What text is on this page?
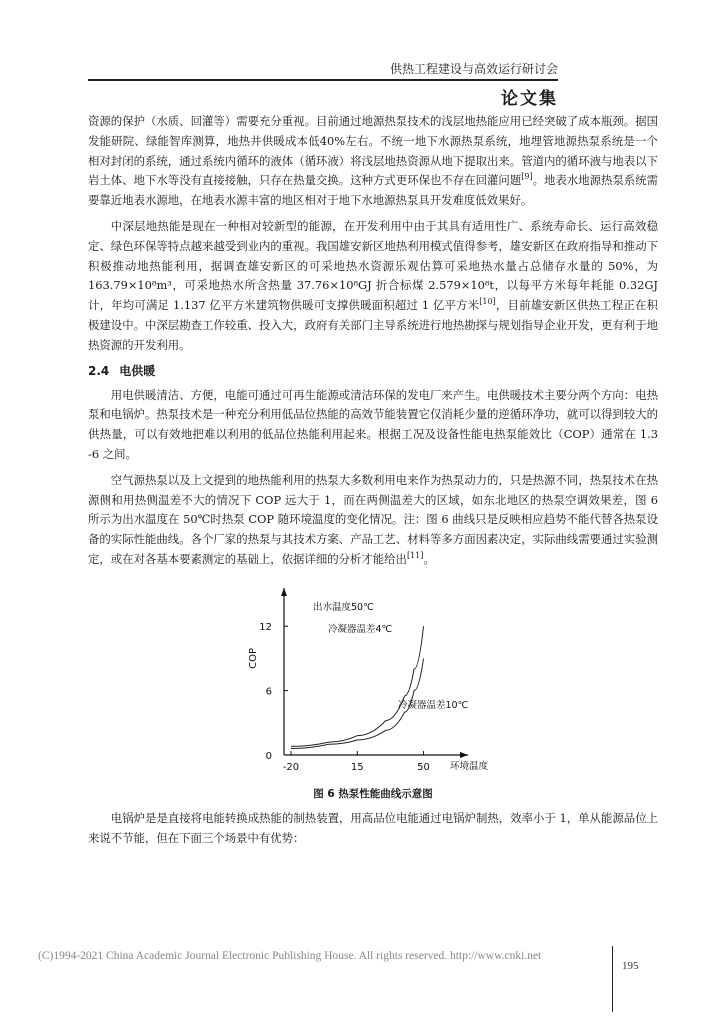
供热工程建设与高效运行研讨会
论文集

资源的保护（水质、回灌等）需要充分重视。目前通过地源热泵技术的浅层地热能应用已经突破了成本瓶颈。据国发能研院、绿能智库测算，地热井供暖成本低40%左右。不统一地下水源热泵系统，地埋管地源热泵系统是一个相对封闭的系统，通过系统内循环的液体（循环液）将浅层地热资源从地下提取出来。管道内的循环液与地表以下岩土体、地下水等没有直接接触，只存在热量交换。这种方式更环保也不存在回灌问题[9]。地表水地源热泵系统需要靠近地表水源地，在地表水源丰富的地区相对于地下水地源热泵具开发难度低效果好。

中深层地热能是现在一种相对较新型的能源，在开发利用中由于其具有适用性广、系统寿命长、运行高效稳定、绿色环保等特点越来越受到业内的重视。我国雄安新区地热利用模式值得参考，雄安新区在政府指导和推动下积极推动地热能利用，据调查雄安新区的可采地热水资源乐观估算可采地热水量占总储存水量的 50%，为 163.79×10⁸m³，可采地热水所含热量 37.76×10⁸GJ 折合标煤 2.579×10⁸t，以每平方米每年耗能 0.32GJ 计，年均可满足 1.137 亿平方米建筑物供暖可支撑供暖面积超过 1 亿平方米[10]，目前雄安新区供热工程正在积极建设中。中深层勘查工作较重、投入大，政府有关部门主导系统进行地热勘探与规划指导企业开发，更有利于地热资源的开发利用。

2.4 电供暖

用电供暖清洁、方便，电能可通过可再生能源或清洁环保的发电厂来产生。电供暖技术主要分两个方向：电热泵和电锅炉。热泵技术是一种充分利用低品位热能的高效节能装置它仅消耗少量的逆循环净功，就可以得到较大的供热量，可以有效地把难以利用的低品位热能利用起来。根据工况及设备性能电热泵能效比（COP）通常在 1.3 -6 之间。

空气源热泵以及上文提到的地热能利用的热泵大多数利用电来作为热泵动力的，只是热源不同，热泵技术在热源侧和用热侧温差不大的情况下 COP 远大于 1，而在两侧温差大的区域，如东北地区的热泵空调效果差，图 6 所示为出水温度在 50℃时热泵 COP 随环境温度的变化情况。注：图 6 曲线只是反映相应趋势不能代替各热泵设备的实际性能曲线。各个厂家的热泵与其技术方案、产品工艺、材料等多方面因素决定，实际曲线需要通过实验测定，或在对各基本要素测定的基础上，依据详细的分析才能给出[11]。

0
6
12
-20	15	50
COP
环境温度
出水温度50℃
冷凝器温差4℃
冷凝器温差10℃
图 6 热泵性能曲线示意图

电锅炉是是直接将电能转换成热能的制热装置，用高品位电能通过电锅炉制热，效率小于 1，单从能源品位上来说不节能，但在下面三个场景中有优势：

(C)1994-2021 China Academic Journal Electronic Publishing House. All rights reserved. http://www.cnki.net
195
